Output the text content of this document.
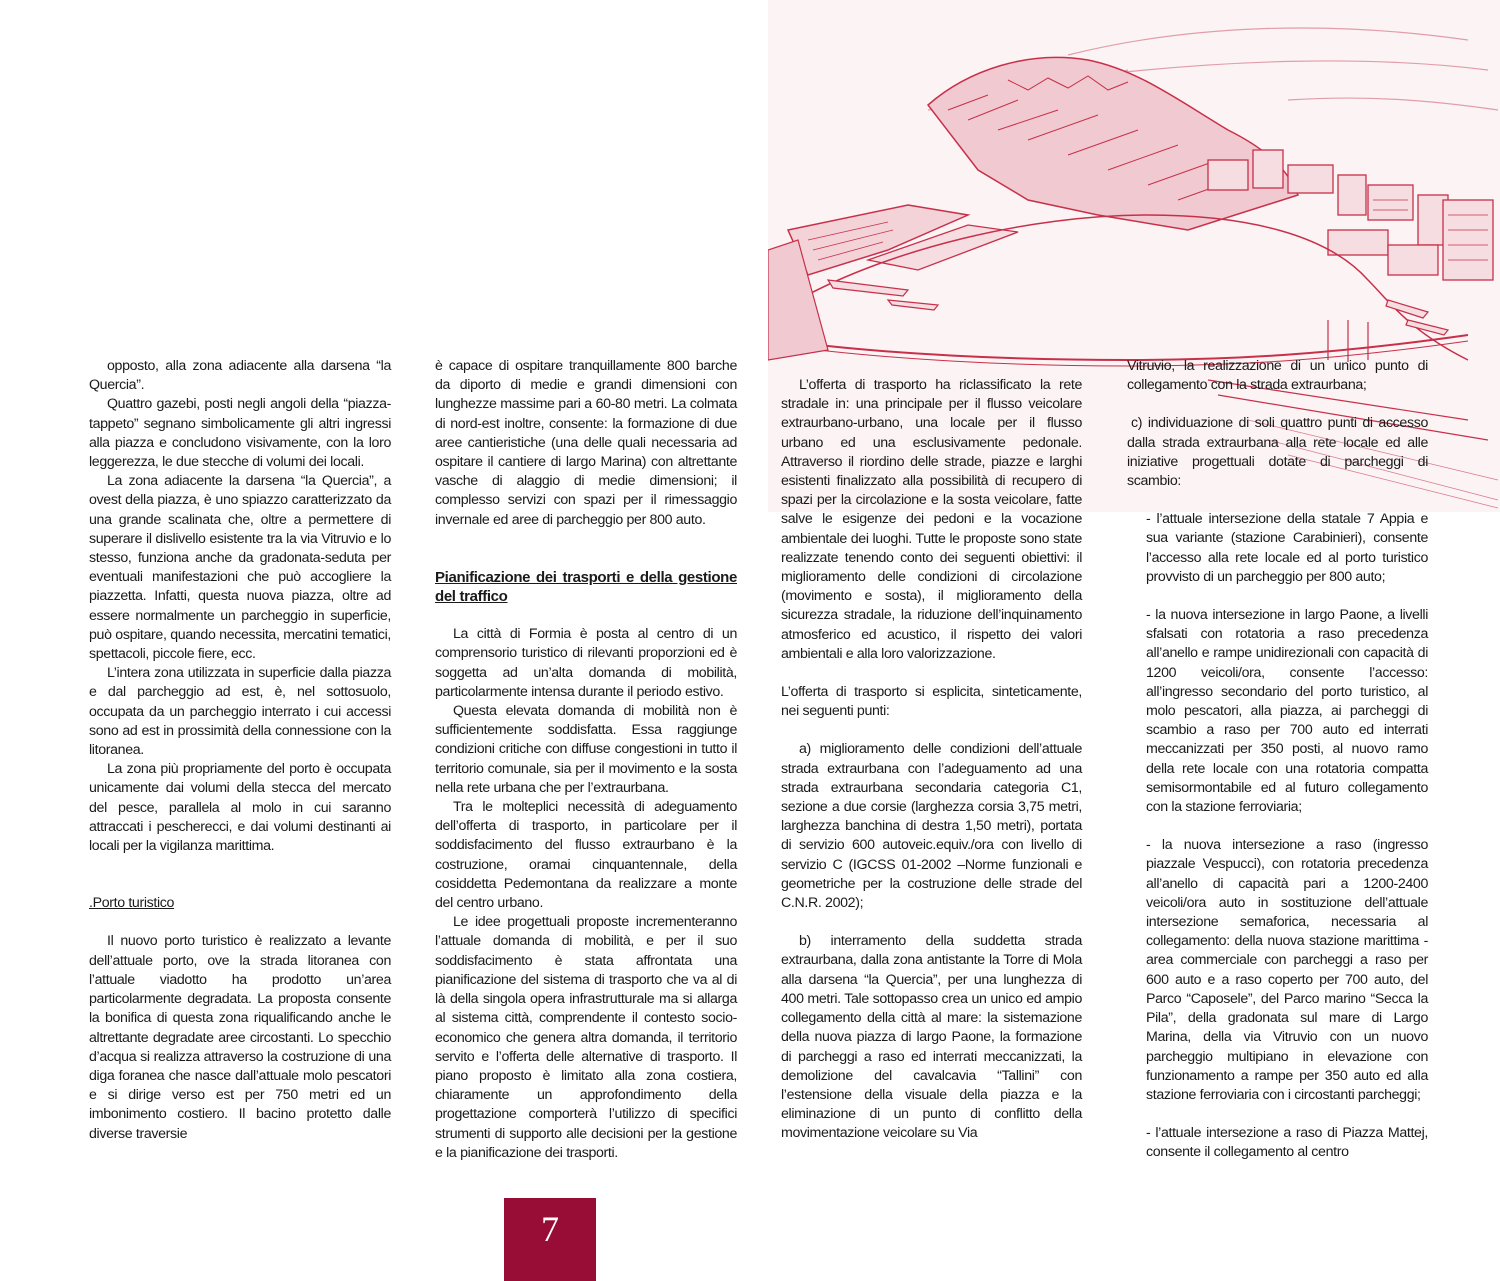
opposto, alla zona adiacente alla darsena “la Quercia”.

Quattro gazebi, posti negli angoli della “piazza-tappeto” segnano simbolicamente gli altri ingressi alla piazza e concludono visivamente, con la loro leggerezza, le due stecche di volumi dei locali.

La zona adiacente la darsena “la Quercia”, a ovest della piazza, è uno spiazzo caratterizzato da una grande scalinata che, oltre a permettere di superare il dislivello esistente tra la via Vitruvio e lo stesso, funziona anche da gradonata-seduta per eventuali manifestazioni che può accogliere la piazzetta. Infatti, questa nuova piazza, oltre ad essere normalmente un parcheggio in superficie, può ospitare, quando necessita, mercatini tematici, spettacoli, piccole fiere, ecc.

L’intera zona utilizzata in superficie dalla piazza e dal parcheggio ad est, è, nel sottosuolo, occupata da un parcheggio interrato i cui accessi sono ad est in prossimità della connessione con la litoranea.

La zona più propriamente del porto è occupata unicamente dai volumi della stecca del mercato del pesce, parallela al molo in cui saranno attraccati i pescherecci, e dai volumi destinanti ai locali per la vigilanza marittima.

.Porto turistico

Il nuovo porto turistico è realizzato a levante dell’attuale porto, ove la strada litoranea con l’attuale viadotto ha prodotto un’area particolarmente degradata. La proposta consente la bonifica di questa zona riqualificando anche le altrettante degradate aree circostanti. Lo specchio d’acqua si realizza attraverso la costruzione di una diga foranea che nasce dall’attuale molo pescatori e si dirige verso est per 750 metri ed un imbonimento costiero. Il bacino protetto dalle diverse traversie

è capace di ospitare tranquillamente 800 barche da diporto di medie e grandi dimensioni con lunghezze massime pari a 60-80 metri. La colmata di nord-est inoltre, consente: la formazione di due aree cantieristiche (una delle quali necessaria ad ospitare il cantiere di largo Marina) con altrettante vasche di alaggio di medie dimensioni; il complesso servizi con spazi per il rimessaggio invernale ed aree di parcheggio per 800 auto.

Pianificazione dei trasporti e della gestione del traffico

La città di Formia è posta al centro di un comprensorio turistico di rilevanti proporzioni ed è soggetta ad un’alta domanda di mobilità, particolarmente intensa durante il periodo estivo.

Questa elevata domanda di mobilità non è sufficientemente soddisfatta. Essa raggiunge condizioni critiche con diffuse congestioni in tutto il territorio comunale, sia per il movimento e la sosta nella rete urbana che per l’extraurbana.

Tra le molteplici necessità di adeguamento dell’offerta di trasporto, in particolare per il soddisfacimento del flusso extraurbano è la costruzione, oramai cinquantennale, della cosiddetta Pedemontana da realizzare a monte del centro urbano.

Le idee progettuali proposte incrementeranno l’attuale domanda di mobilità, e per il suo soddisfacimento è stata affrontata una pianificazione del sistema di trasporto che va al di là della singola opera infrastrutturale ma si allarga al sistema città, comprendente il contesto socio-economico che genera altra domanda, il territorio servito e l’offerta delle alternative di trasporto. Il piano proposto è limitato alla zona costiera, chiaramente un approfondimento della progettazione comporterà l’utilizzo di specifici strumenti di supporto alle decisioni per la gestione e la pianificazione dei trasporti.

L’offerta di trasporto ha riclassificato la rete stradale in: una principale per il flusso veicolare extraurbano-urbano, una locale per il flusso urbano ed una esclusivamente pedonale. Attraverso il riordino delle strade, piazze e larghi esistenti finalizzato alla possibilità di recupero di spazi per la circolazione e la sosta veicolare, fatte salve le esigenze dei pedoni e la vocazione ambientale dei luoghi. Tutte le proposte sono state realizzate tenendo conto dei seguenti obiettivi: il miglioramento delle condizioni di circolazione (movimento e sosta), il miglioramento della sicurezza stradale, la riduzione dell’inquinamento atmosferico ed acustico, il rispetto dei valori ambientali e alla loro valorizzazione.

L’offerta di trasporto si esplicita, sinteticamente, nei seguenti punti:

a) miglioramento delle condizioni dell’attuale strada extraurbana con l’adeguamento ad una strada extraurbana secondaria categoria C1, sezione a due corsie (larghezza corsia 3,75 metri, larghezza banchina di destra 1,50 metri), portata di servizio 600 autoveic.equiv./ora con livello di servizio C (IGCSS 01-2002 –Norme funzionali e geometriche per la costruzione delle strade del C.N.R. 2002);

b) interramento della suddetta strada extraurbana, dalla zona antistante la Torre di Mola alla darsena “la Quercia”, per una lunghezza di 400 metri. Tale sottopasso crea un unico ed ampio collegamento della città al mare: la sistemazione della nuova piazza di largo Paone, la formazione di parcheggi a raso ed interrati meccanizzati, la demolizione del cavalcavia “Tallini” con l’estensione della visuale della piazza e la eliminazione di un punto di conflitto della movimentazione veicolare su Via

Vitruvio, la realizzazione di un unico punto di collegamento con la strada extraurbana;

c) individuazione di soli quattro punti di accesso dalla strada extraurbana alla rete locale ed alle iniziative progettuali dotate di parcheggi di scambio:

- l’attuale intersezione della statale 7 Appia e sua variante (stazione Carabinieri), consente l’accesso alla rete locale ed al porto turistico provvisto di un parcheggio per 800 auto;

- la nuova intersezione in largo Paone, a livelli sfalsati con rotatoria a raso precedenza all’anello e rampe unidirezionali con capacità di 1200 veicoli/ora, consente l’accesso: all’ingresso secondario del porto turistico, al molo pescatori, alla piazza, ai parcheggi di scambio a raso per 700 auto ed interrati meccanizzati per 350 posti, al nuovo ramo della rete locale con una rotatoria compatta semisormontabile ed al futuro collegamento con la stazione ferroviaria;

- la nuova intersezione a raso (ingresso piazzale Vespucci), con rotatoria precedenza all’anello di capacità pari a 1200-2400 veicoli/ora auto in sostituzione dell’attuale intersezione semaforica, necessaria al collegamento: della nuova stazione marittima - area commerciale con parcheggi a raso per 600 auto e a raso coperto per 700 auto, del Parco “Caposele”, del Parco marino “Secca la Pila”, della gradonata sul mare di Largo Marina, della via Vitruvio con un nuovo parcheggio multipiano in elevazione con funzionamento a rampe per 350 auto ed alla stazione ferroviaria con i circostanti parcheggi;

- l’attuale intersezione a raso di Piazza Mattej, consente il collegamento al centro

7
